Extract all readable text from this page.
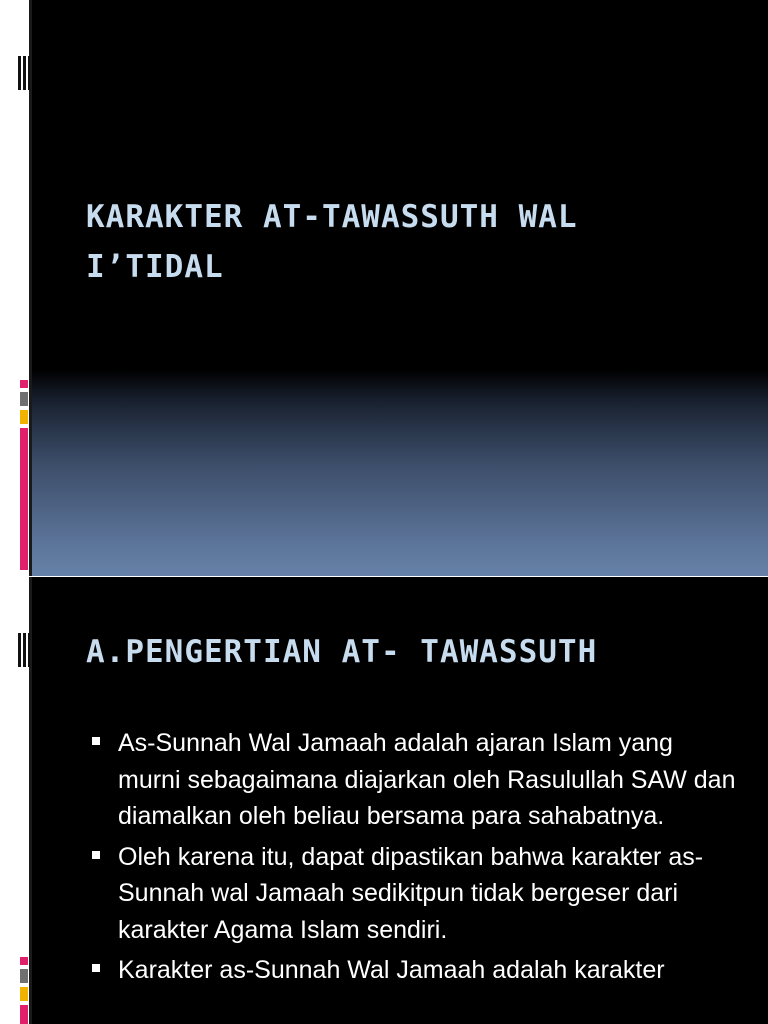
KARAKTER AT-TAWASSUTH WAL I’TIDAL
A.PENGERTIAN AT- TAWASSUTH
As-Sunnah Wal Jamaah adalah ajaran Islam yang murni sebagaimana diajarkan oleh Rasulullah SAW dan diamalkan oleh beliau bersama para sahabatnya.
Oleh karena itu, dapat dipastikan bahwa karakter as-Sunnah wal Jamaah sedikitpun tidak bergeser dari karakter Agama Islam sendiri.
Karakter as-Sunnah Wal Jamaah adalah karakter
